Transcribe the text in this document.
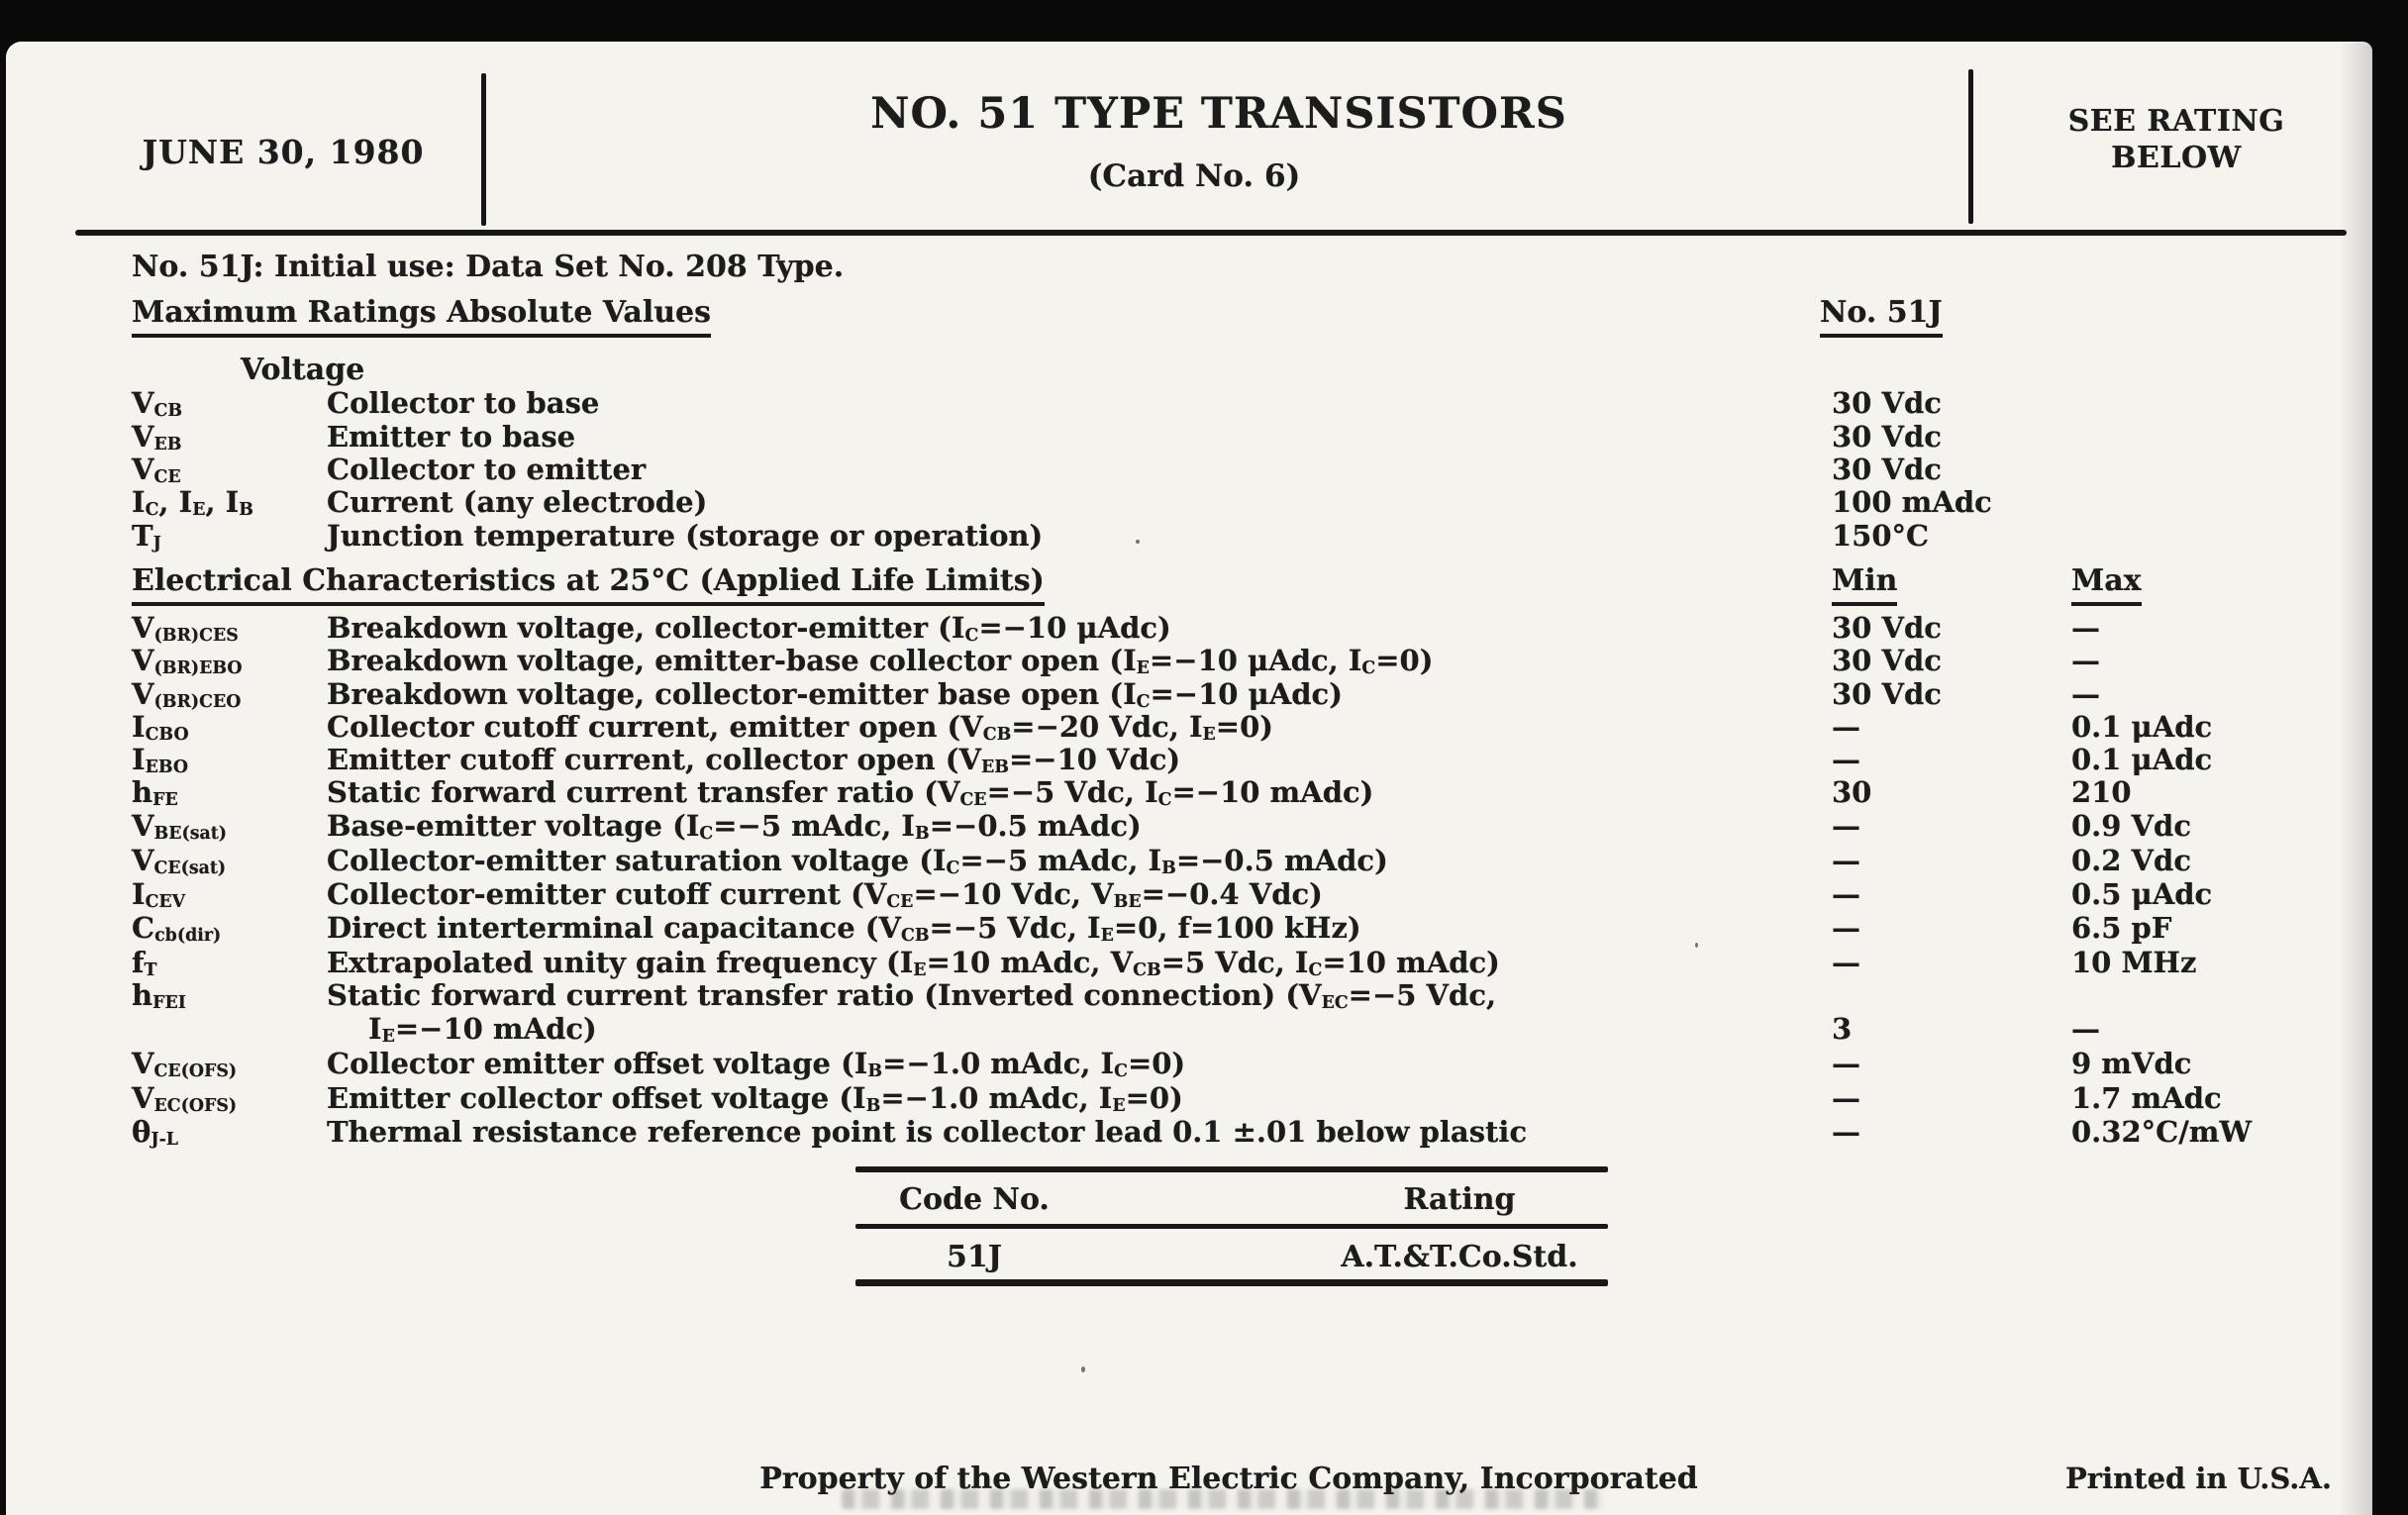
JUNE 30, 1980
NO. 51 TYPE TRANSISTORS
(Card No. 6)
SEE RATING
BELOW
No. 51J: Initial use: Data Set No. 208 Type.
Maximum Ratings Absolute Values	No. 51J
Voltage
$V_{CB}$	Collector to base	30 Vdc
$V_{EB}$	Emitter to base	30 Vdc
$V_{CE}$	Collector to emitter	30 Vdc
$I_C$, $I_E$, $I_B$	Current (any electrode)	100 mAdc
$T_J$	Junction temperature (storage or operation)	150°C
Electrical Characteristics at 25°C (Applied Life Limits)	Min	Max
$V_{(BR)CES}$	Breakdown voltage, collector-emitter ($I_C=-10$ μAdc)	30 Vdc	—
$V_{(BR)EBO}$	Breakdown voltage, emitter-base collector open ($I_E=-10$ μAdc, $I_C=0$)	30 Vdc	—
$V_{(BR)CEO}$	Breakdown voltage, collector-emitter base open ($I_C=-10$ μAdc)	30 Vdc	—
$I_{CBO}$	Collector cutoff current, emitter open ($V_{CB}=-20$ Vdc, $I_E=0$)	—	0.1 μAdc
$I_{EBO}$	Emitter cutoff current, collector open ($V_{EB}=-10$ Vdc)	—	0.1 μAdc
$h_{FE}$	Static forward current transfer ratio ($V_{CE}=-5$ Vdc, $I_C=-10$ mAdc)	30	210
$V_{BE(sat)}$	Base-emitter voltage ($I_C=-5$ mAdc, $I_B=-0.5$ mAdc)	—	0.9 Vdc
$V_{CE(sat)}$	Collector-emitter saturation voltage ($I_C=-5$ mAdc, $I_B=-0.5$ mAdc)	—	0.2 Vdc
$I_{CEV}$	Collector-emitter cutoff current ($V_{CE}=-10$ Vdc, $V_{BE}=-0.4$ Vdc)	—	0.5 μAdc
$C_{cb(dir)}$	Direct interterminal capacitance ($V_{CB}=-5$ Vdc, $I_E=0$, f=100 kHz)	—	6.5 pF
$f_T$	Extrapolated unity gain frequency ($I_E=10$ mAdc, $V_{CB}=5$ Vdc, $I_C=10$ mAdc)	—	10 MHz
$h_{FEI}$	Static forward current transfer ratio (Inverted connection) ($V_{EC}=-5$ Vdc,
$I_E=-10$ mAdc)	3	—
$V_{CE(OFS)}$	Collector emitter offset voltage ($I_B=-1.0$ mAdc, $I_C=0$)	—	9 mVdc
$V_{EC(OFS)}$	Emitter collector offset voltage ($I_B=-1.0$ mAdc, $I_E=0$)	—	1.7 mAdc
$\theta_{J-L}$	Thermal resistance reference point is collector lead 0.1 ±.01 below plastic	—	0.32°C/mW
Code No.	Rating
51J	A.T.&T.Co.Std.
Property of the Western Electric Company, Incorporated	Printed in U.S.A.
